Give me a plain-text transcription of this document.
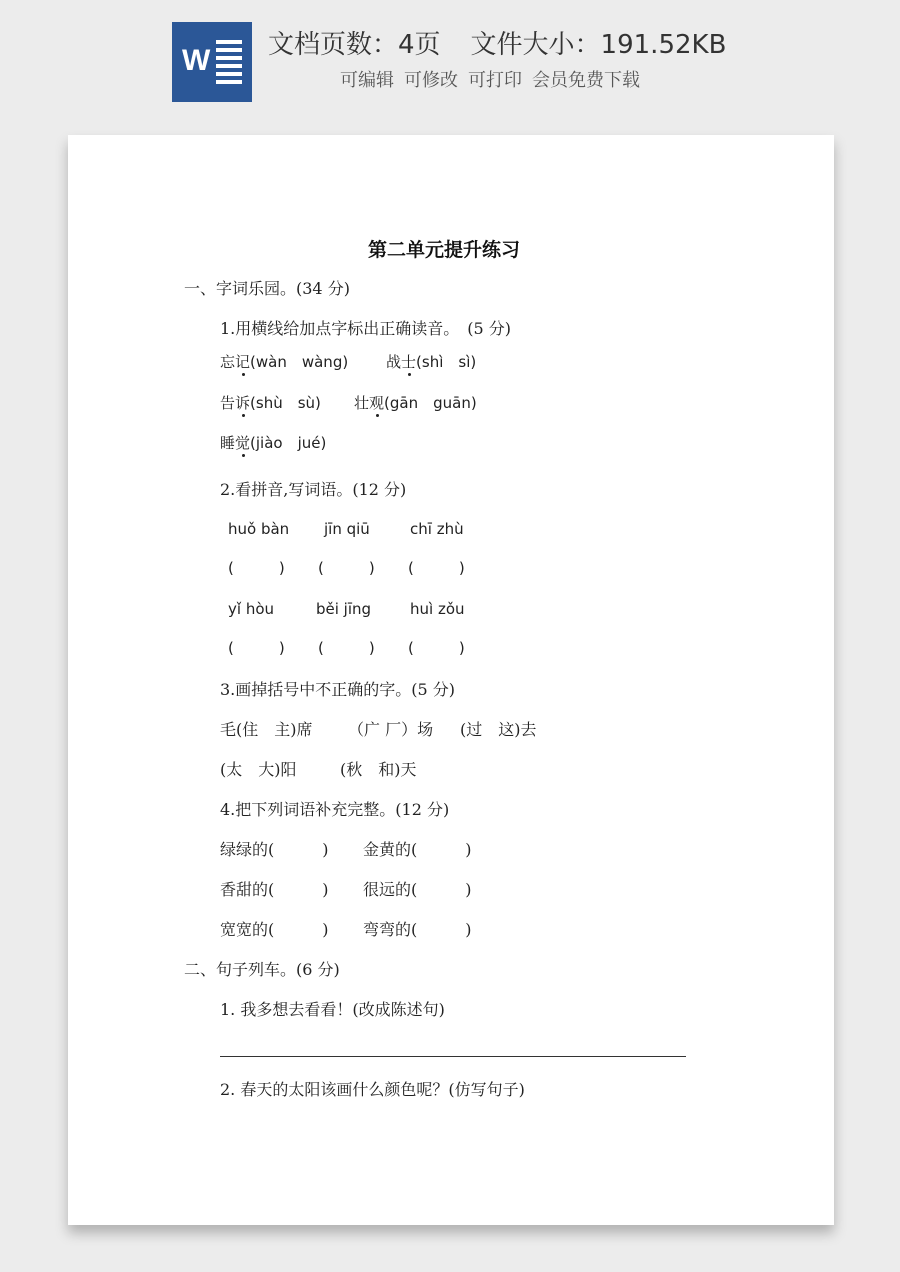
W 文档页数：4页 文件大小：191.52KB
可编辑 可修改 可打印 会员免费下载
第二单元提升练习
一、字词乐园。(34 分)
1.用横线给加点字标出正确读音。　(5 分)
忘记(wàn　wàng)	战士(shì　sì)
告诉(shù　sù) 壮观(gān　guān)
睡觉(jiào　jué)
2.看拼音,写词语。(12 分)
huǒ bàn jīn qiū	chī zhù
(　　　) (　　　) (　　　)
yǐ hòu	běi jīng	huì zǒu
(　　　) (　　　) (　　　)
3.画掉括号中不正确的字。(5 分)
毛(住　主)席 （广 厂）场 (过　这)去
(太　大)阳	(秋　和)天
4.把下列词语补充完整。(12 分)
绿绿的(　　　) 金黄的(　　　)
香甜的(　　　) 很远的(　　　)
宽宽的(　　　) 弯弯的(　　　)
二、句子列车。(6 分)
1. 我多想去看看！(改成陈述句)
2. 春天的太阳该画什么颜色呢？(仿写句子)
